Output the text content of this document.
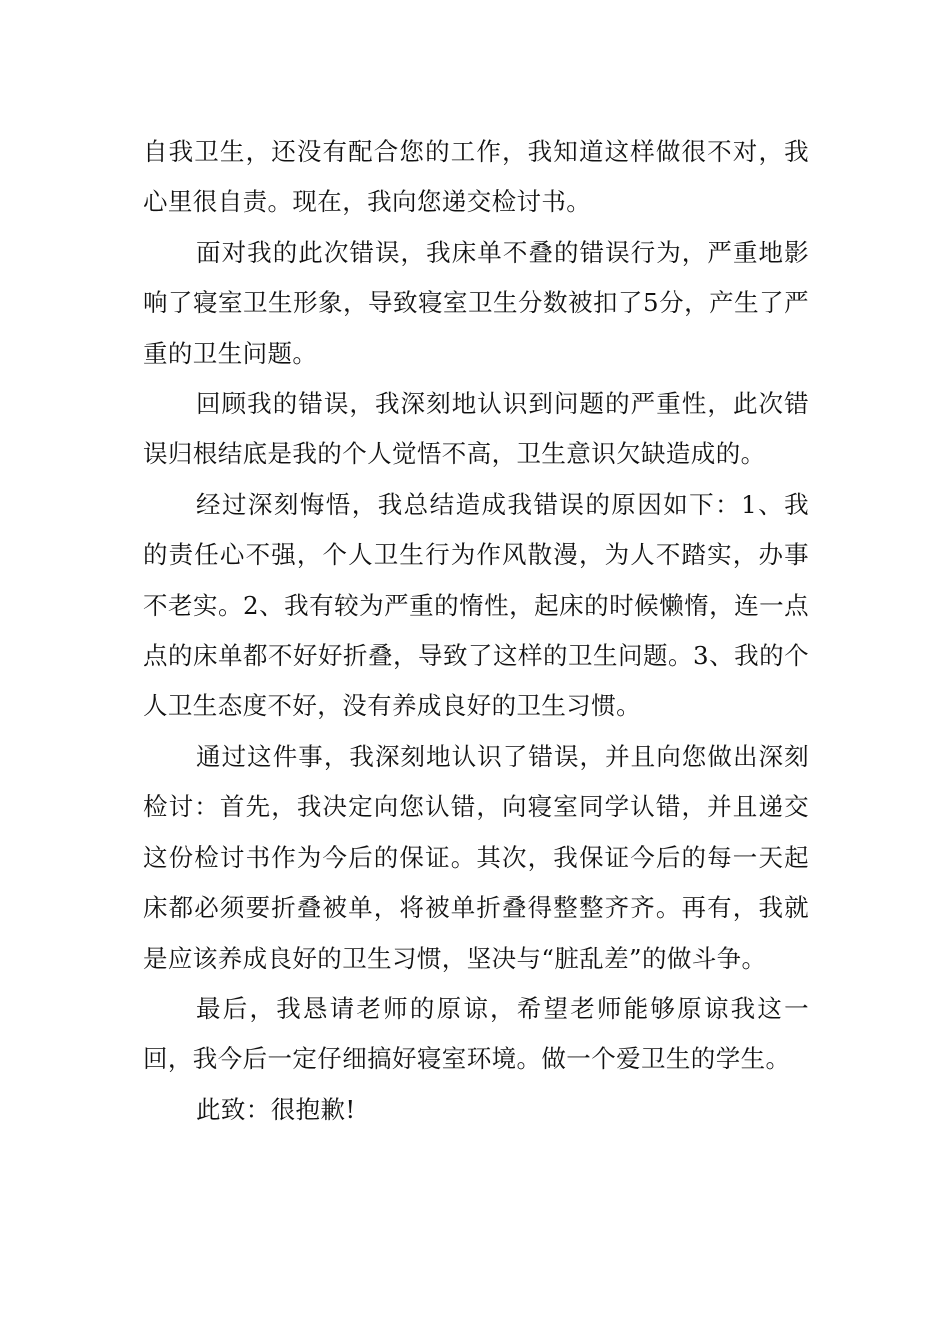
自我卫生，还没有配合您的工作，我知道这样做很不对，我心里很自责。现在，我向您递交检讨书。

面对我的此次错误，我床单不叠的错误行为，严重地影响了寝室卫生形象，导致寝室卫生分数被扣了5分，产生了严重的卫生问题。

回顾我的错误，我深刻地认识到问题的严重性，此次错误归根结底是我的个人觉悟不高，卫生意识欠缺造成的。

经过深刻悔悟，我总结造成我错误的原因如下：1、我的责任心不强，个人卫生行为作风散漫，为人不踏实，办事不老实。2、我有较为严重的惰性，起床的时候懒惰，连一点点的床单都不好好折叠，导致了这样的卫生问题。3、我的个人卫生态度不好，没有养成良好的卫生习惯。

通过这件事，我深刻地认识了错误，并且向您做出深刻检讨：首先，我决定向您认错，向寝室同学认错，并且递交这份检讨书作为今后的保证。其次，我保证今后的每一天起床都必须要折叠被单，将被单折叠得整整齐齐。再有，我就是应该养成良好的卫生习惯，坚决与“脏乱差”的做斗争。

最后，我恳请老师的原谅，希望老师能够原谅我这一回，我今后一定仔细搞好寝室环境。做一个爱卫生的学生。

此致：很抱歉!
